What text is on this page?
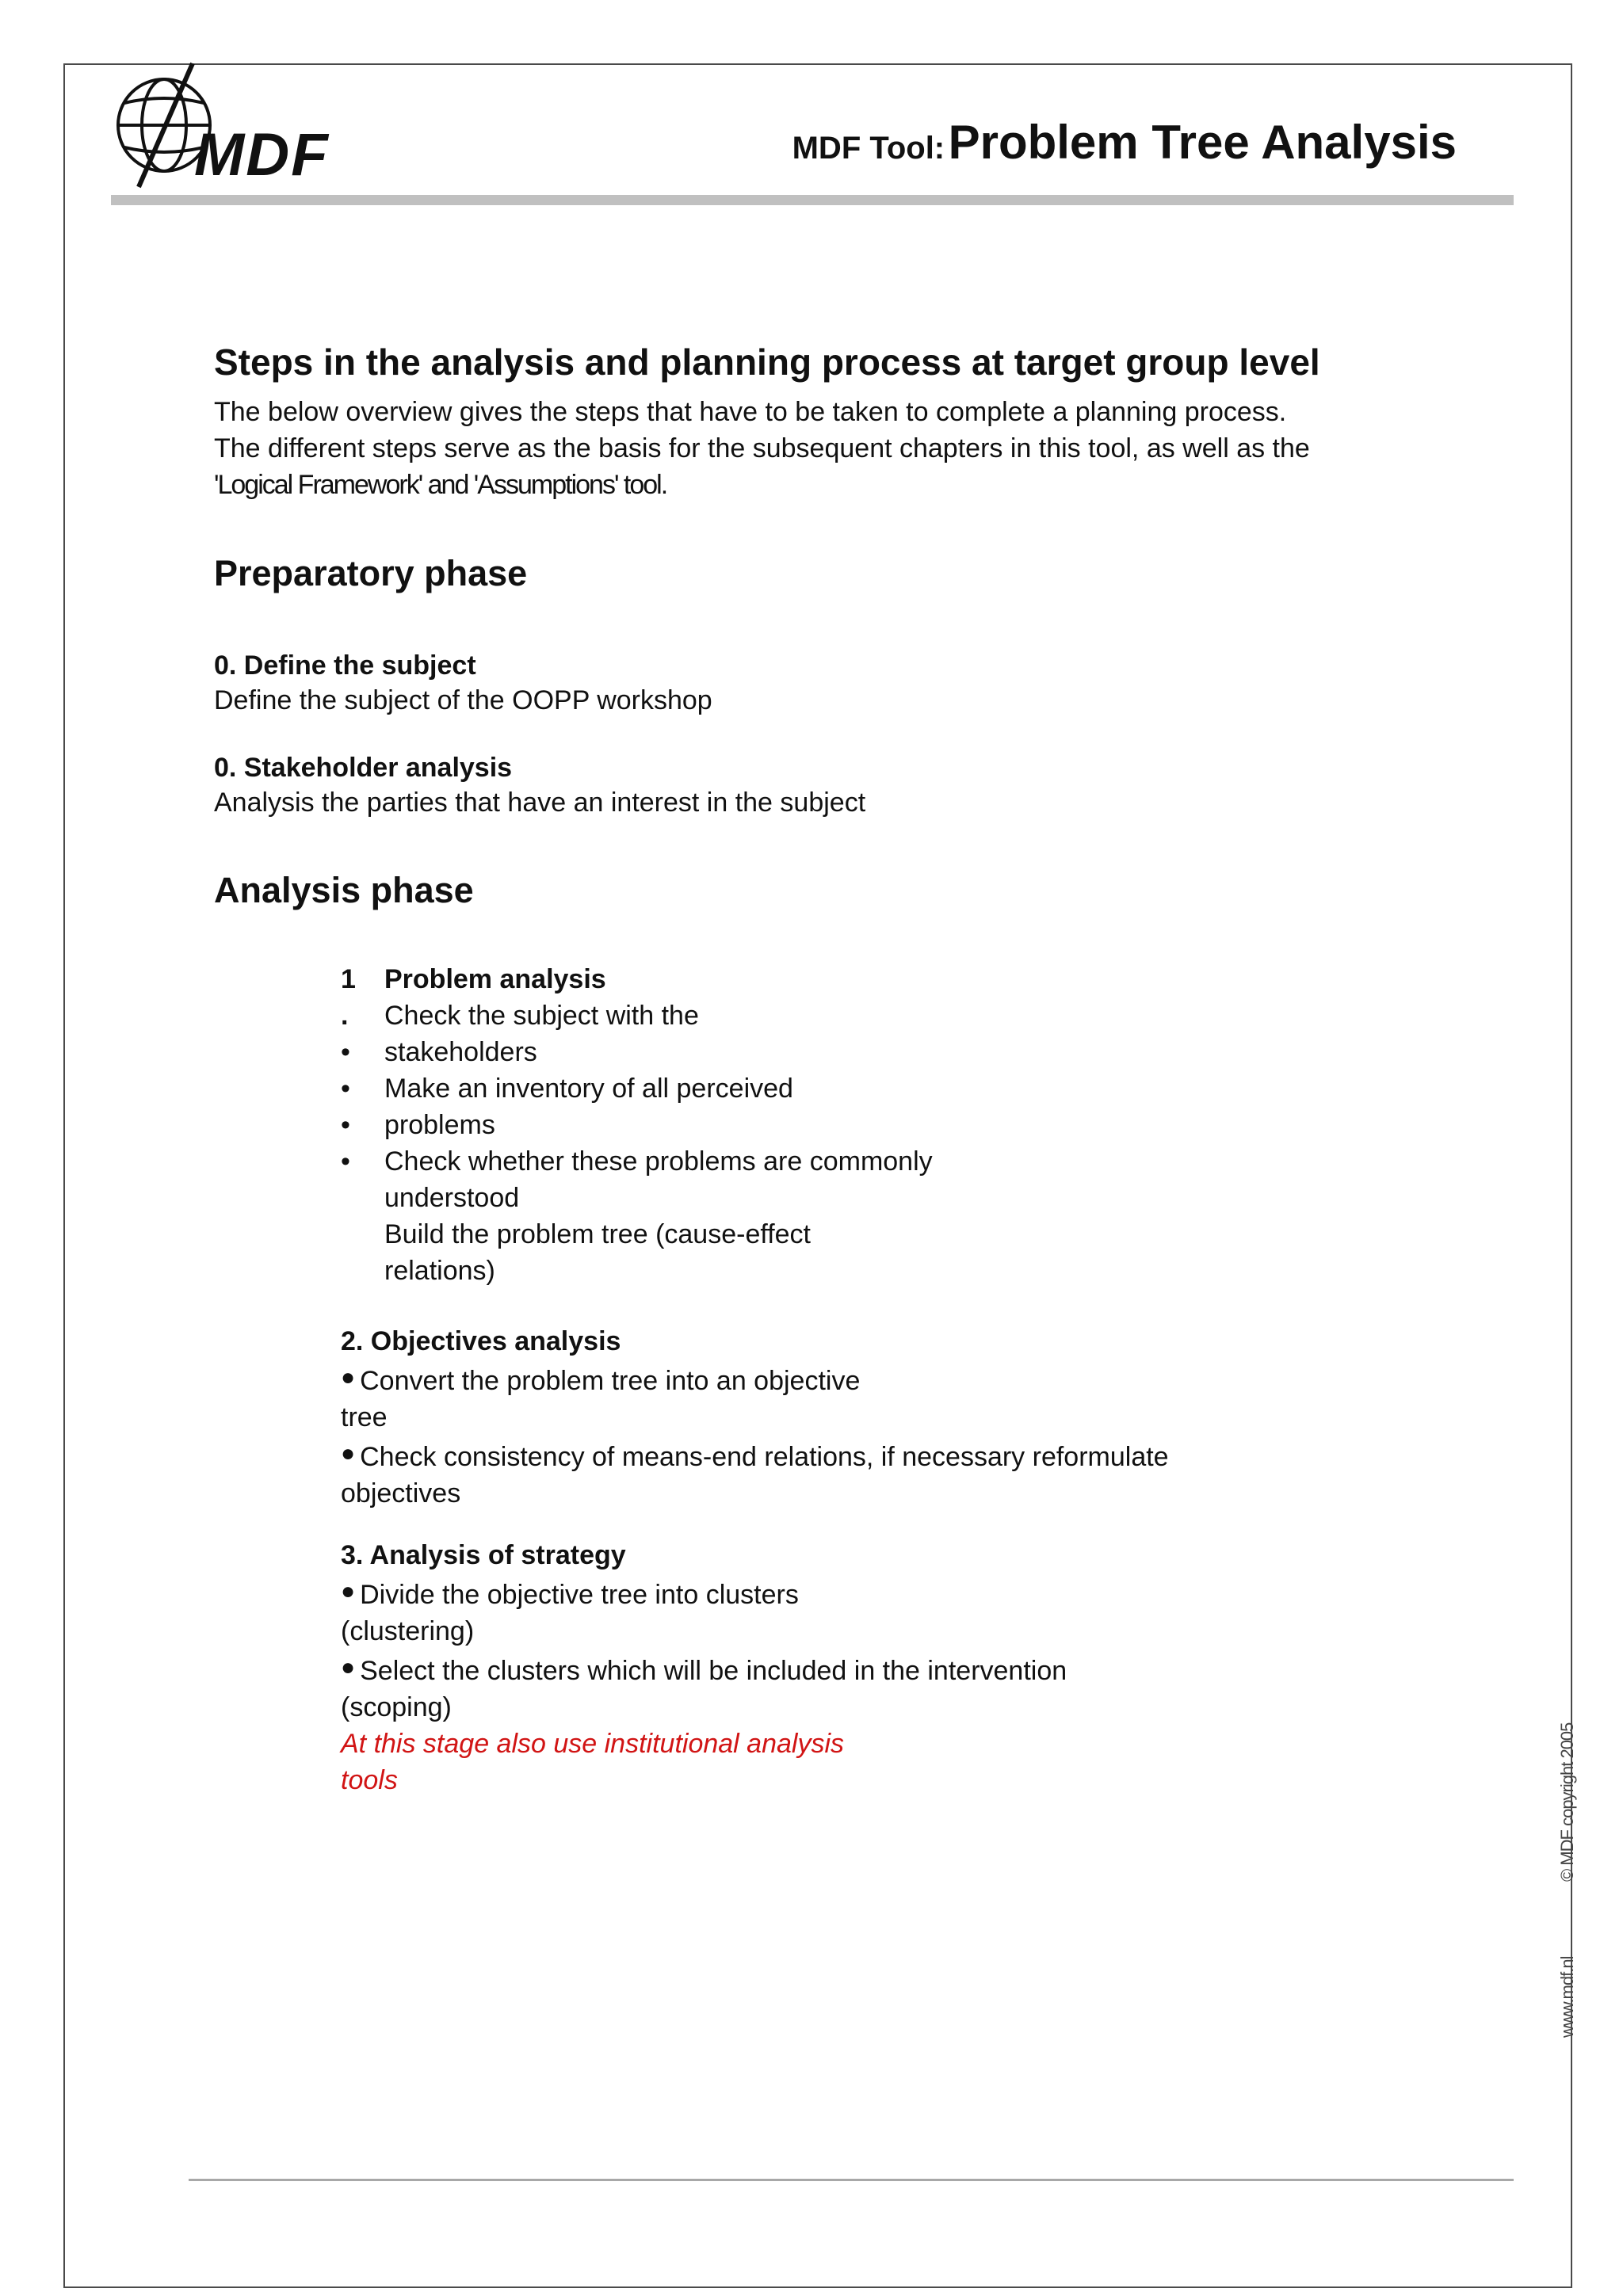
MDF	MDF Tool: Problem Tree Analysis
Steps in the analysis and planning process at target group level

The below overview gives the steps that have to be taken to complete a planning process.

The different steps serve as the basis for the subsequent chapters in this tool, as well as the

'Logical Framework' and 'Assumptions' tool.

Preparatory phase

0. Define the subject

Define the subject of the OOPP workshop

0. Stakeholder analysis

Analysis the parties that have an interest in the subject

Analysis phase
1
.
•
•
•
•

Problem analysis

Check the subject with the

stakeholders

Make an inventory of all perceived

problems

Check whether these problems are commonly

understood

Build the problem tree (cause-effect

relations)

2. Objectives analysis

● Convert the problem tree into an objective

tree

● Check consistency of means-end relations, if necessary reformulate

objectives

3. Analysis of strategy

● Divide the objective tree into clusters

(clustering)

● Select the clusters which will be included in the intervention

(scoping)

At this stage also use institutional analysis

tools	© MDF copyright 2005
www.mdf.nl
